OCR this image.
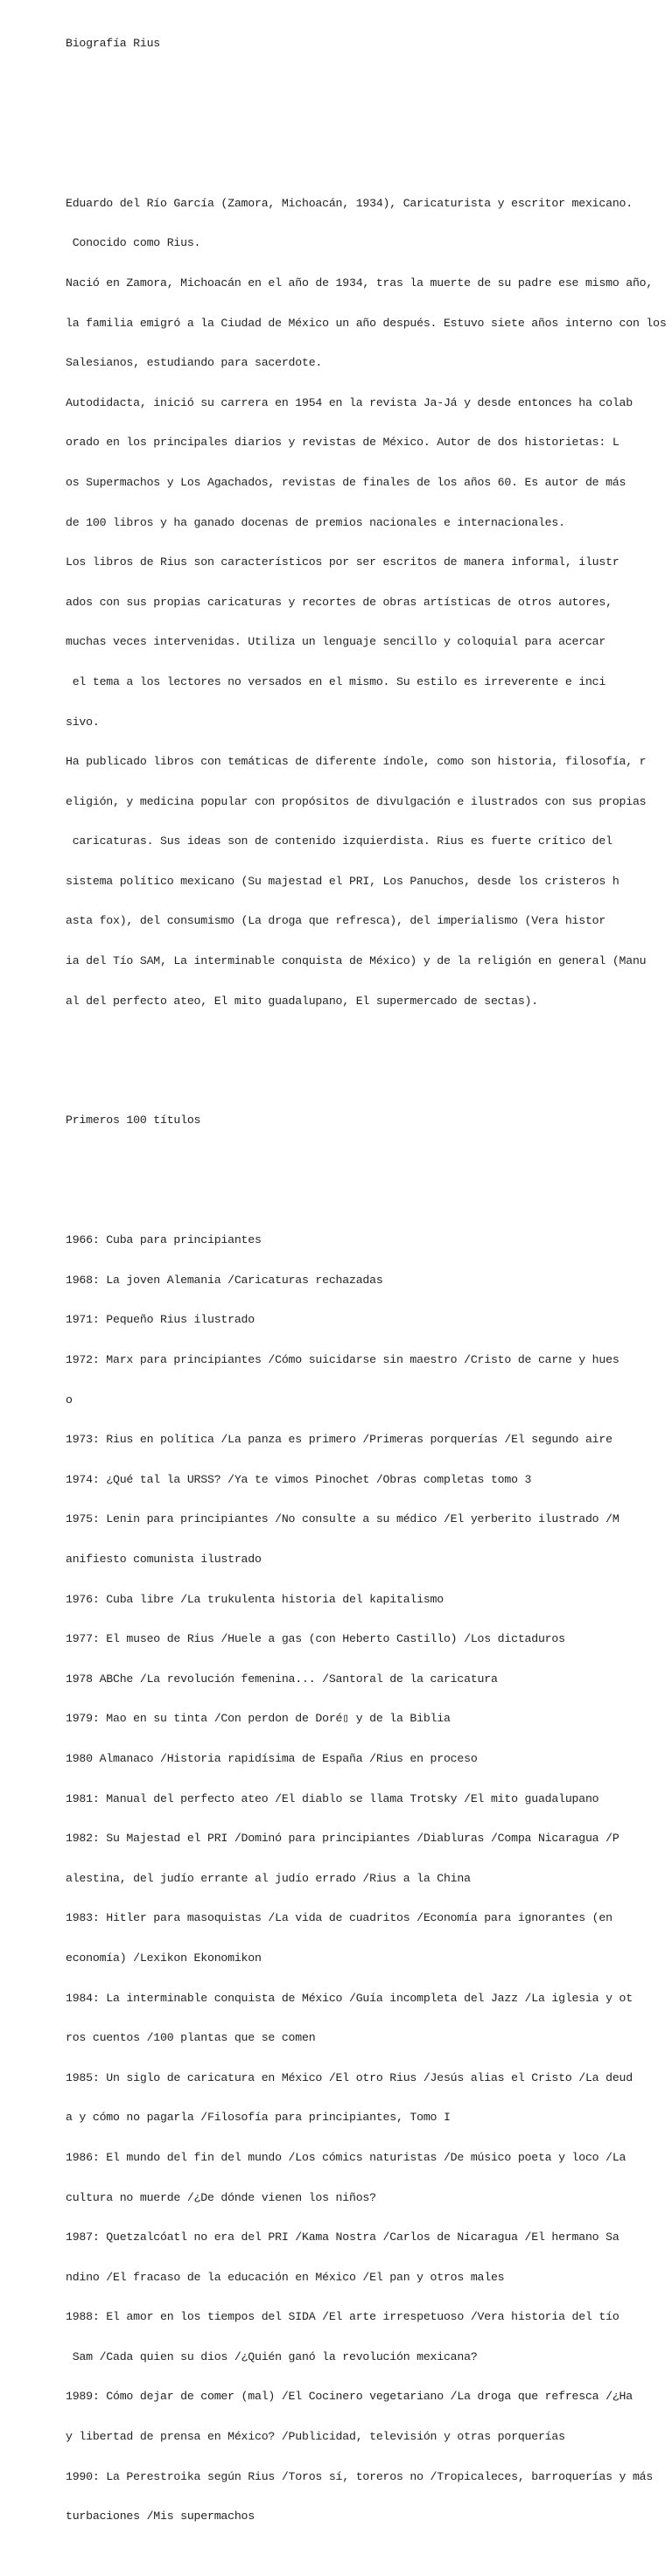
Biografía Rius

Eduardo del Río García (Zamora, Michoacán, 1934), Caricaturista y escritor mexicano.

Conocido como Rius.

Nació en Zamora, Michoacán en el año de 1934, tras la muerte de su padre ese mismo año,

la familia emigró a la Ciudad de México un año después. Estuvo siete años interno con los

Salesianos, estudiando para sacerdote.

Autodidacta, inició su carrera en 1954 en la revista Ja-Já y desde entonces ha colab

orado en los principales diarios y revistas de México. Autor de dos historietas: L

os Supermachos y Los Agachados, revistas de finales de los años 60. Es autor de más

de 100 libros y ha ganado docenas de premios nacionales e internacionales.

Los libros de Rius son característicos por ser escritos de manera informal, ilustr

ados con sus propias caricaturas y recortes de obras artísticas de otros autores,

muchas veces intervenidas. Utiliza un lenguaje sencillo y coloquial para acercar

el tema a los lectores no versados en el mismo. Su estilo es irreverente e inci

sivo.

Ha publicado libros con temáticas de diferente índole, como son historia, filosofía, r

eligión, y medicina popular con propósitos de divulgación e ilustrados con sus propias

caricaturas. Sus ideas son de contenido izquierdista. Rius es fuerte crítico del

sistema político mexicano (Su majestad el PRI, Los Panuchos, desde los cristeros h

asta fox), del consumismo (La droga que refresca), del imperialismo (Vera histor

ia del Tío SAM, La interminable conquista de México) y de la religión en general (Manu

al del perfecto ateo, El mito guadalupano, El supermercado de sectas).

Primeros 100 títulos

1966: Cuba para principiantes

1968: La joven Alemania /Caricaturas rechazadas

1971: Pequeño Rius ilustrado

1972: Marx para principiantes /Cómo suicidarse sin maestro /Cristo de carne y hues

o

1973: Rius en política /La panza es primero /Primeras porquerías /El segundo aire

1974: ¿Qué tal la URSS? /Ya te vimos Pinochet /Obras completas tomo 3

1975: Lenin para principiantes /No consulte a su médico /El yerberito ilustrado /M

anifiesto comunista ilustrado

1976: Cuba libre /La trukulenta historia del kapitalismo

1977: El museo de Rius /Huele a gas (con Heberto Castillo) /Los dictaduros

1978 ABChe /La revolución femenina... /Santoral de la caricatura

1979: Mao en su tinta /Con perdon de Doré▯ y de la Biblia

1980 Almanaco /Historia rapidísima de España /Rius en proceso

1981: Manual del perfecto ateo /El diablo se llama Trotsky /El mito guadalupano

1982: Su Majestad el PRI /Dominó para principiantes /Diabluras /Compa Nicaragua /P

alestina, del judío errante al judío errado /Rius a la China

1983: Hitler para masoquistas /La vida de cuadritos /Economía para ignorantes (en

economía) /Lexikon Ekonomikon

1984: La interminable conquista de México /Guía incompleta del Jazz /La iglesia y ot

ros cuentos /100 plantas que se comen

1985: Un siglo de caricatura en México /El otro Rius /Jesús alias el Cristo /La deud

a y cómo no pagarla /Filosofía para principiantes, Tomo I

1986: El mundo del fin del mundo /Los cómics naturistas /De músico poeta y loco /La

cultura no muerde /¿De dónde vienen los niños?

1987: Quetzalcóatl no era del PRI /Kama Nostra /Carlos de Nicaragua /El hermano Sa

ndino /El fracaso de la educación en México /El pan y otros males

1988: El amor en los tiempos del SIDA /El arte irrespetuoso /Vera historia del tío

Sam /Cada quien su dios /¿Quién ganó la revolución mexicana?

1989: Cómo dejar de comer (mal) /El Cocinero vegetariano /La droga que refresca /¿Ha

y libertad de prensa en México? /Publicidad, televisión y otras porquerías

1990: La Perestroika según Rius /Toros sí, toreros no /Tropicaleces, barroquerías y más

turbaciones /Mis supermachos
